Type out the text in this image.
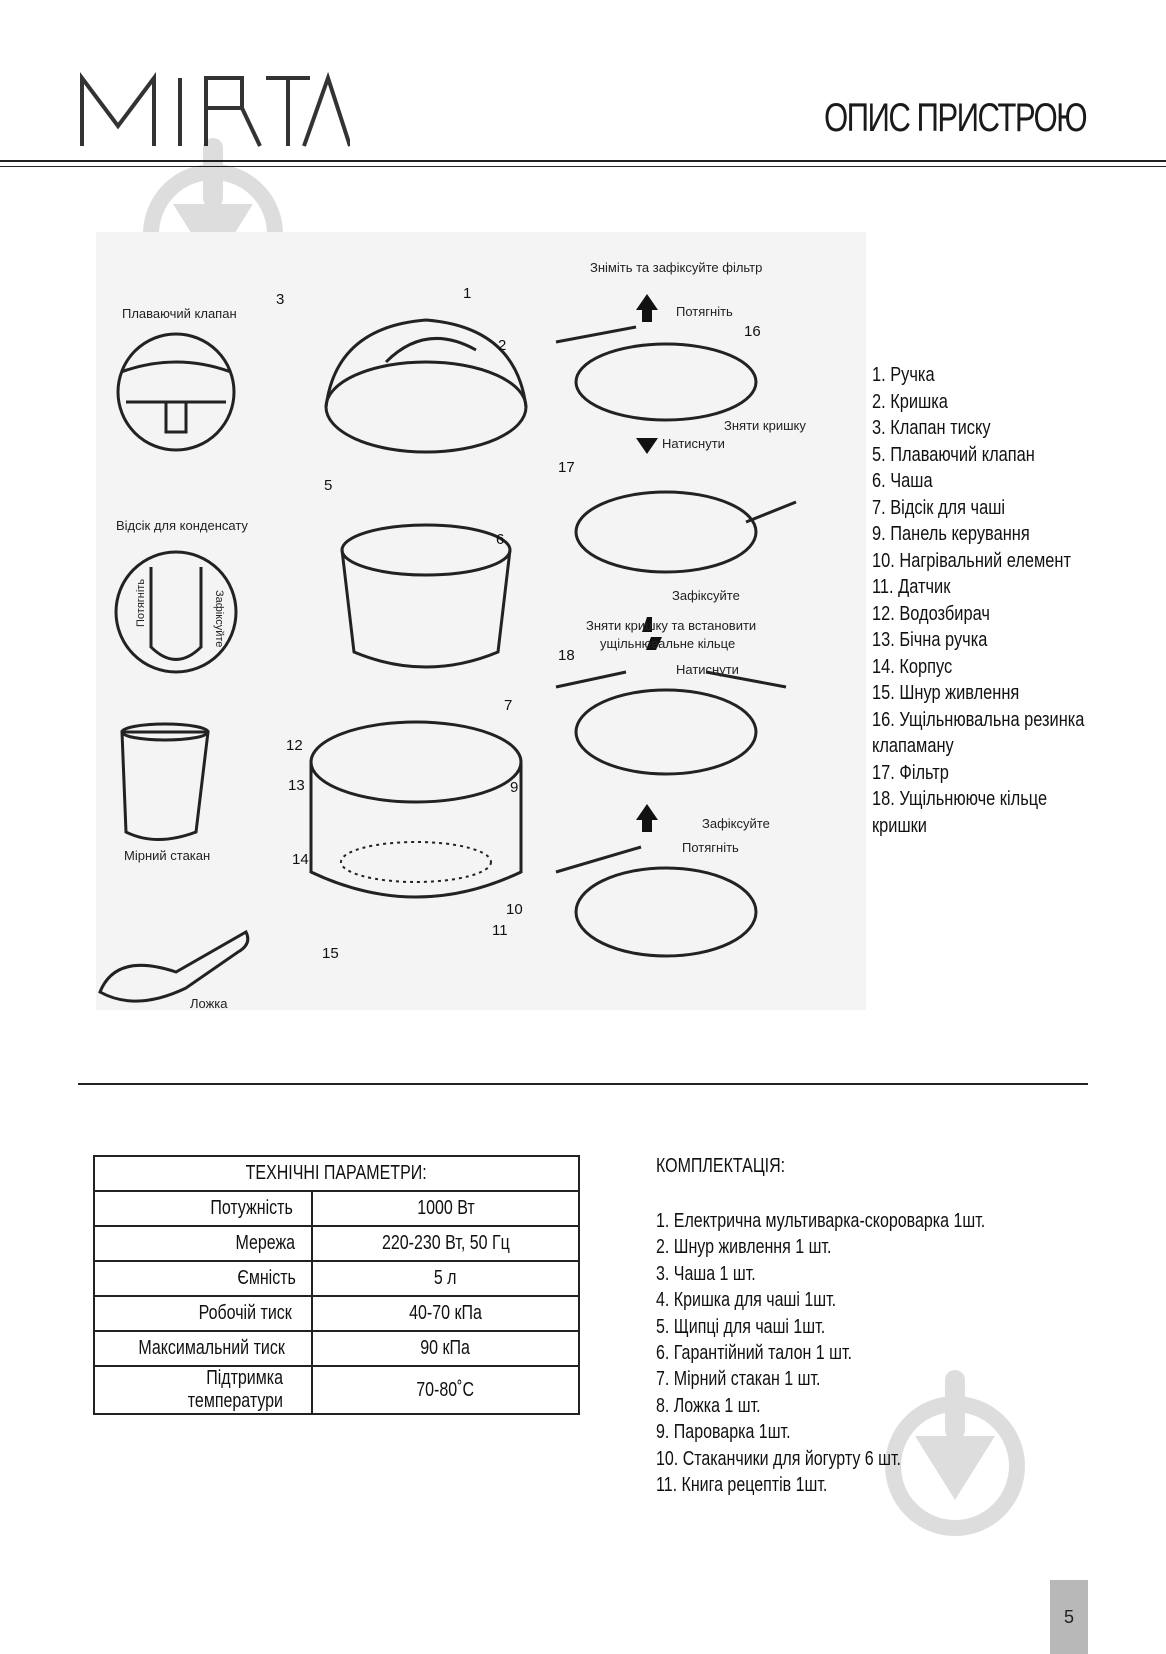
ОПИС ПРИСТРОЮ
3	1
2
5
6
7
12
13	9
14
10
11
15
16
17
18
Плаваючий клапан
Відсік для конденсату
Мірний стакан
Ложка
Зніміть та зафіксуйте фільтр
Потягніть
Зняти кришку
Натиснути
Зафіксуйте
Зняти кришку та встановити
ущільнювальне кільце
Натиснути
Зафіксуйте
Потягніть
Потягніть	Зафіксуйте
1. Ручка
2. Кришка
3. Клапан тиску
5. Плаваючий клапан
6. Чаша
7. Відсік для чаші
9. Панель керування
10. Нагрівальний елемент
11. Датчик
12. Водозбирач
13. Бічна ручка
14. Корпус
15. Шнур живлення
16. Ущільнювальна резинка клапаману
17. Фільтр
18. Ущільнююче кільце кришки
ТЕХНІЧНІ ПАРАМЕТРИ:	
Потужність	1000 Вт
Мережа	220-230 Вт, 50 Гц
Ємність	5 л
Робочій тиск	40-70 кПа
Максимальний тиск	90 кПа
Підтримка температури	70-80˚С
КОМПЛЕКТАЦІЯ:
1. Електрична мультиварка-скороварка 1шт.
2. Шнур живлення 1 шт.
3. Чаша 1 шт.
4. Кришка для чаші 1шт.
5. Щипці для чаші 1шт.
6. Гарантійний талон 1 шт.
7. Мірний стакан 1 шт.
8. Ложка 1 шт.
9. Пароварка 1шт.
10. Стаканчики для йогурту 6 шт.
11. Книга рецептів 1шт.
5
